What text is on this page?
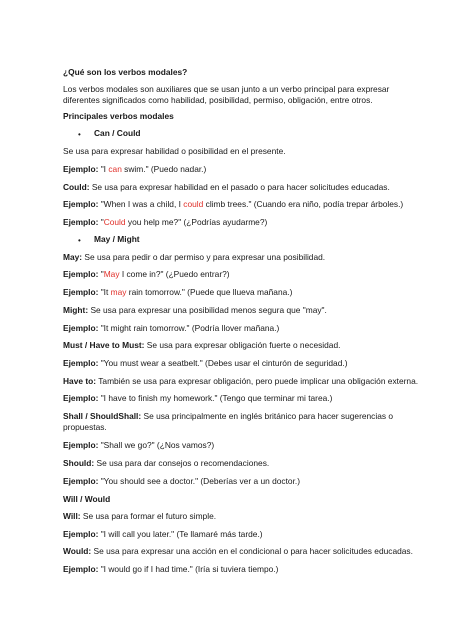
¿Qué son los verbos modales?
Los verbos modales son auxiliares que se usan junto a un verbo principal para expresar diferentes significados como habilidad, posibilidad, permiso, obligación, entre otros.
Principales verbos modales
• Can / Could
Se usa para expresar habilidad o posibilidad en el presente.
Ejemplo: "I can swim." (Puedo nadar.)
Could: Se usa para expresar habilidad en el pasado o para hacer solicitudes educadas.
Ejemplo: "When I was a child, I could climb trees." (Cuando era niño, podía trepar árboles.)
Ejemplo: "Could you help me?" (¿Podrías ayudarme?)
• May / Might
May: Se usa para pedir o dar permiso y para expresar una posibilidad.
Ejemplo: "May I come in?" (¿Puedo entrar?)
Ejemplo: "It may rain tomorrow." (Puede que llueva mañana.)
Might: Se usa para expresar una posibilidad menos segura que "may".
Ejemplo: "It might rain tomorrow." (Podría llover mañana.)
Must / Have to Must: Se usa para expresar obligación fuerte o necesidad.
Ejemplo: "You must wear a seatbelt." (Debes usar el cinturón de seguridad.)
Have to: También se usa para expresar obligación, pero puede implicar una obligación externa.
Ejemplo: "I have to finish my homework." (Tengo que terminar mi tarea.)
Shall / ShouldShall: Se usa principalmente en inglés británico para hacer sugerencias o propuestas.
Ejemplo: "Shall we go?" (¿Nos vamos?)
Should: Se usa para dar consejos o recomendaciones.
Ejemplo: "You should see a doctor." (Deberías ver a un doctor.)
Will / Would
Will: Se usa para formar el futuro simple.
Ejemplo: "I will call you later." (Te llamaré más tarde.)
Would: Se usa para expresar una acción en el condicional o para hacer solicitudes educadas.
Ejemplo: "I would go if I had time." (Iría si tuviera tiempo.)
